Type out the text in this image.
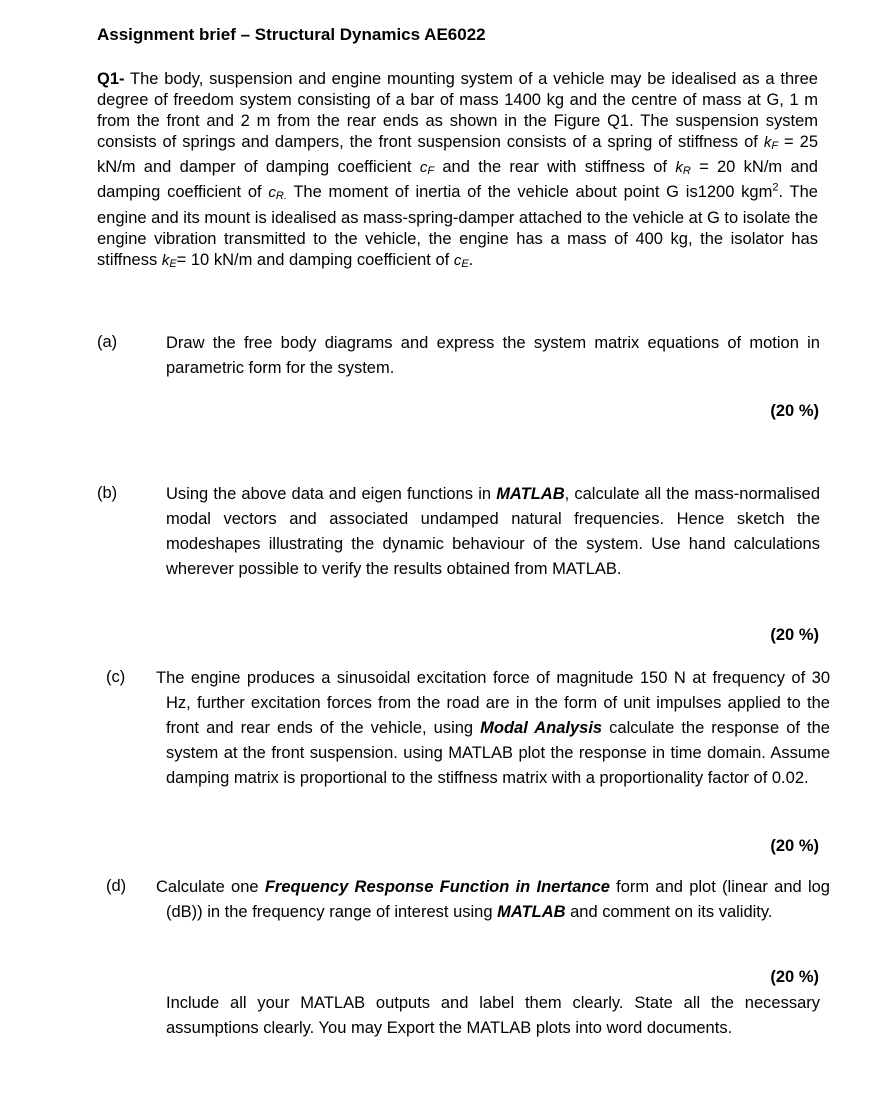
Assignment brief – Structural Dynamics AE6022
Q1- The body, suspension and engine mounting system of a vehicle may be idealised as a three degree of freedom system consisting of a bar of mass 1400 kg and the centre of mass at G, 1 m from the front and 2 m from the rear ends as shown in the Figure Q1. The suspension system consists of springs and dampers, the front suspension consists of a spring of stiffness of kF = 25 kN/m and damper of damping coefficient cF and the rear with stiffness of kR = 20 kN/m and damping coefficient of cR. The moment of inertia of the vehicle about point G is1200 kgm$^2$. The engine and its mount is idealised as mass-spring-damper attached to the vehicle at G to isolate the engine vibration transmitted to the vehicle, the engine has a mass of 400 kg, the isolator has stiffness kE= 10 kN/m and damping coefficient of cE.
(a)	Draw the free body diagrams and express the system matrix equations of motion in parametric form for the system.
(20 %)
(b)	Using the above data and eigen functions in MATLAB, calculate all the mass-normalised modal vectors and associated undamped natural frequencies. Hence sketch the modeshapes illustrating the dynamic behaviour of the system. Use hand calculations wherever possible to verify the results obtained from MATLAB.
(20 %)
(c) The engine produces a sinusoidal excitation force of magnitude 150 N at frequency of 30 Hz, further excitation forces from the road are in the form of unit impulses applied to the front and rear ends of the vehicle, using Modal Analysis calculate the response of the system at the front suspension. using MATLAB plot the response in time domain. Assume damping matrix is proportional to the stiffness matrix with a proportionality factor of 0.02.
(20 %)
(d) Calculate one Frequency Response Function in Inertance form and plot (linear and log (dB)) in the frequency range of interest using MATLAB and comment on its validity.
(20 %)
Include all your MATLAB outputs and label them clearly. State all the necessary assumptions clearly. You may Export the MATLAB plots into word documents.
